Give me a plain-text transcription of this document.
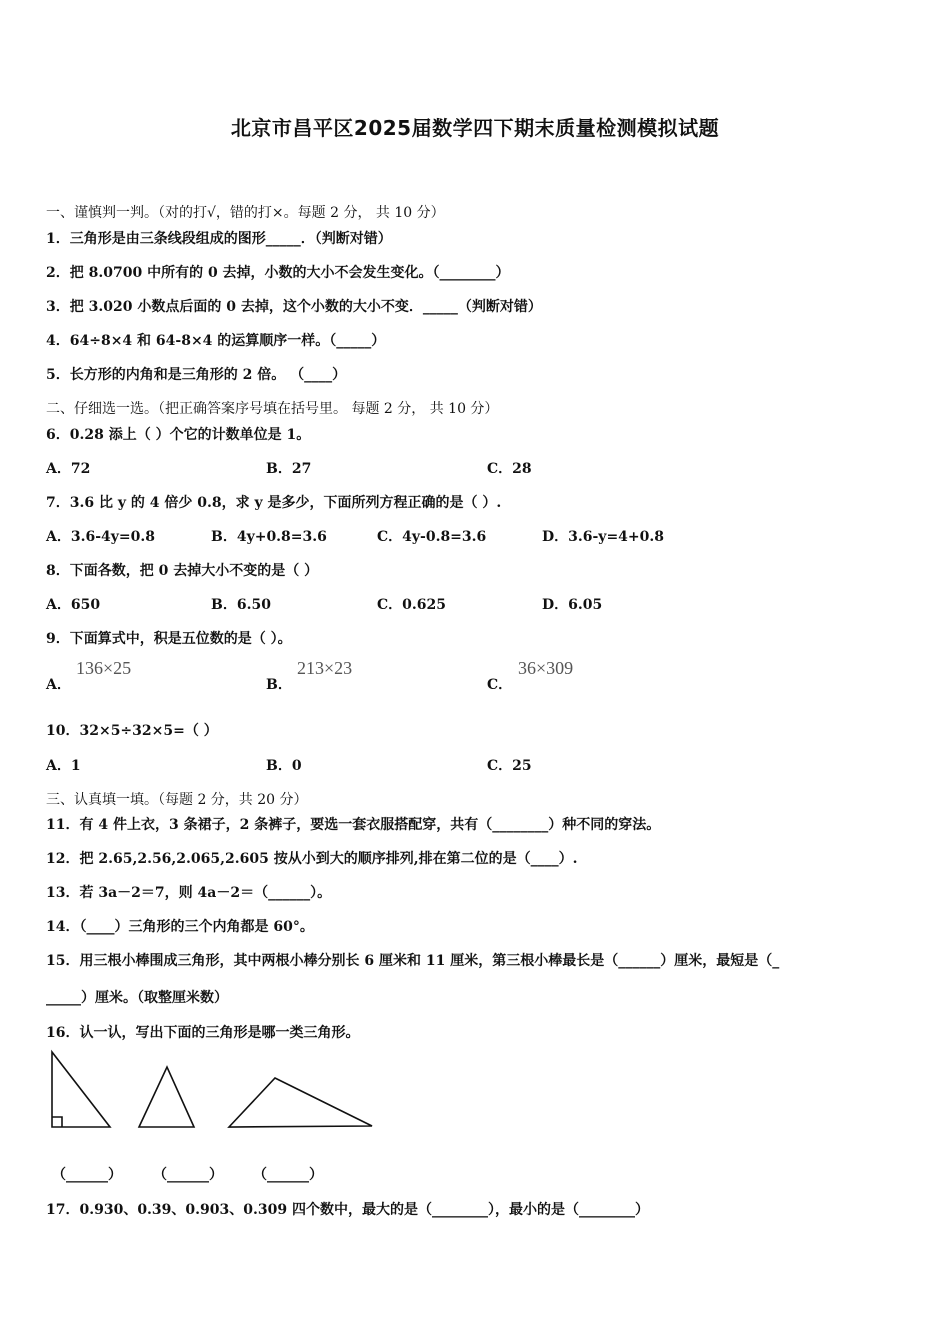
北京市昌平区2025届数学四下期末质量检测模拟试题
一、谨慎判一判。（对的打√，错的打×。每题 2 分， 共 10 分）
1．三角形是由三条线段组成的图形_____．（判断对错）
2．把 8.0700 中所有的 0 去掉，小数的大小不会发生变化。（________）
3．把 3.020 小数点后面的 0 去掉，这个小数的大小不变．_____（判断对错）
4．64÷8×4 和 64-8×4 的运算顺序一样。（_____）
5．长方形的内角和是三角形的 2 倍。 （____）
二、仔细选一选。（把正确答案序号填在括号里。 每题 2 分， 共 10 分）
6．0.28 添上（ ）个它的计数单位是 1。
A．72	B．27	C．28
7．3.6 比 y 的 4 倍少 0.8，求 y 是多少，下面所列方程正确的是（ ）.
A．3.6-4y=0.8	B．4y+0.8=3.6	C．4y-0.8=3.6	D．3.6-y=4+0.8
8．下面各数，把 0 去掉大小不变的是（ ）
A．650	B．6.50	C．0.625	D．6.05
9．下面算式中，积是五位数的是（ ）。
A．
136×25
B．
213×23
C．
36×309
10．32×5÷32×5=（ ）
A．1	B．0	C．25
三、认真填一填。（每题 2 分，共 20 分）
11．有 4 件上衣，3 条裙子，2 条裤子，要选一套衣服搭配穿，共有（________）种不同的穿法。
12．把 2.65,2.56,2.065,2.605 按从小到大的顺序排列,排在第二位的是（____）.
13．若 3a－2＝7，则 4a－2＝（______）。
14．（____）三角形的三个内角都是 60°。
15．用三根小棒围成三角形，其中两根小棒分别长 6 厘米和 11 厘米，第三根小棒最长是（______）厘米，最短是（_
_____）厘米。（取整厘米数）
16．认一认，写出下面的三角形是哪一类三角形。
（______） （______） （______）
17．0.930、0.39、0.903、0.309 四个数中，最大的是（________），最小的是（________）
